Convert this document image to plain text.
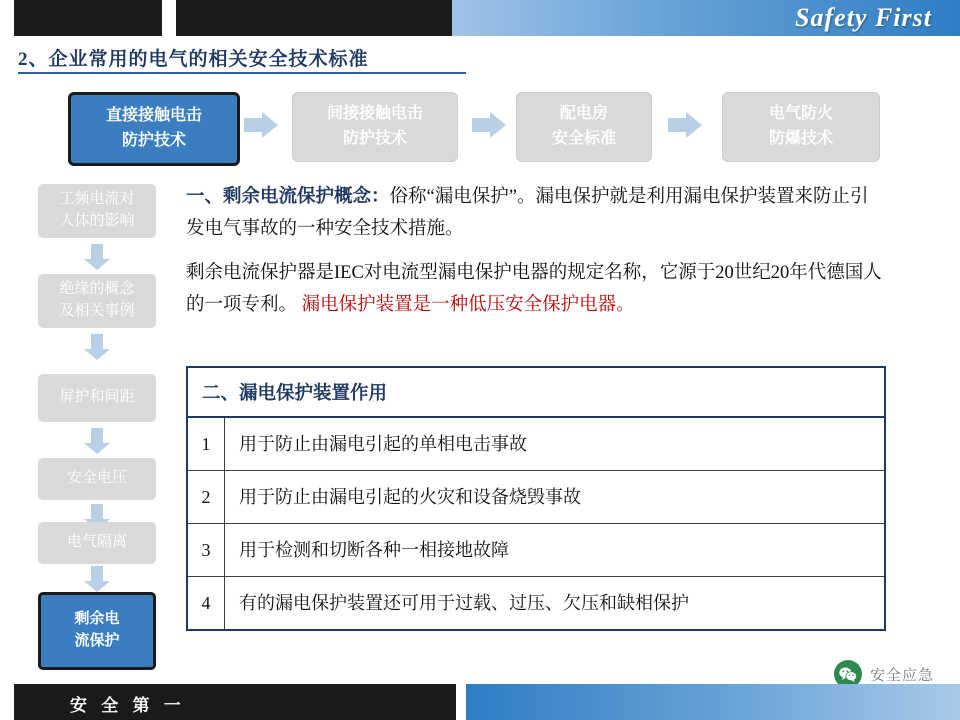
Safety First
2、企业常用的电气的相关安全技术标准
直接接触电击
防护技术
间接接触电击
防护技术
配电房
安全标准
电气防火
防爆技术
工频电流对
人体的影响
绝缘的概念
及相关事例
屏护和间距
安全电压
电气隔离
剩余电
流保护
一、剩余电流保护概念：俗称“漏电保护”。漏电保护就是利用漏电保护装置来防止引发电气事故的一种安全技术措施。
剩余电流保护器是IEC对电流型漏电保护电器的规定名称，它源于20世纪20年代德国人的一项专利。 漏电保护装置是一种低压安全保护电器。
二、漏电保护装置作用
1	用于防止由漏电引起的单相电击事故
2	用于防止由漏电引起的火灾和设备烧毁事故
3	用于检测和切断各种一相接地故障
4	有的漏电保护装置还可用于过载、过压、欠压和缺相保护
安全应急
安 全 第 一
